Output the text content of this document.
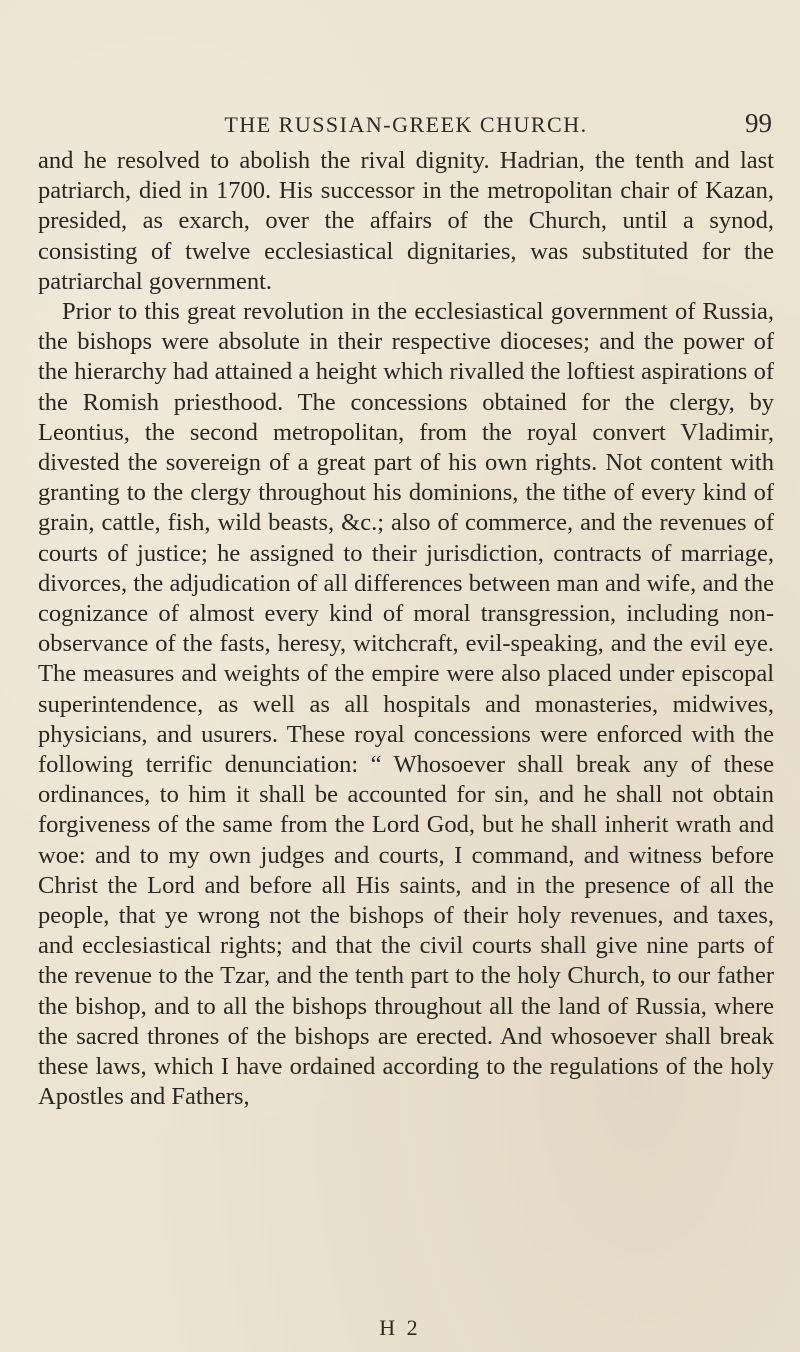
THE RUSSIAN-GREEK CHURCH.	99

and he resolved to abolish the rival dignity. Hadrian, the tenth and last patriarch, died in 1700. His successor in the metropolitan chair of Kazan, presided, as exarch, over the affairs of the Church, until a synod, consisting of twelve ecclesiastical dignitaries, was substituted for the patriarchal government.

Prior to this great revolution in the ecclesiastical government of Russia, the bishops were absolute in their respective dioceses; and the power of the hierarchy had attained a height which rivalled the loftiest aspirations of the Romish priesthood. The concessions obtained for the clergy, by Leontius, the second metropolitan, from the royal convert Vladimir, divested the sovereign of a great part of his own rights. Not content with granting to the clergy throughout his dominions, the tithe of every kind of grain, cattle, fish, wild beasts, &c.; also of commerce, and the revenues of courts of justice; he assigned to their jurisdiction, contracts of marriage, divorces, the adjudication of all differences between man and wife, and the cognizance of almost every kind of moral transgression, including non-observance of the fasts, heresy, witchcraft, evil-speaking, and the evil eye. The measures and weights of the empire were also placed under episcopal superintendence, as well as all hospitals and monasteries, midwives, physicians, and usurers. These royal concessions were enforced with the following terrific denunciation: “ Whosoever shall break any of these ordinances, to him it shall be accounted for sin, and he shall not obtain forgiveness of the same from the Lord God, but he shall inherit wrath and woe: and to my own judges and courts, I command, and witness before Christ the Lord and before all His saints, and in the presence of all the people, that ye wrong not the bishops of their holy revenues, and taxes, and ecclesiastical rights; and that the civil courts shall give nine parts of the revenue to the Tzar, and the tenth part to the holy Church, to our father the bishop, and to all the bishops throughout all the land of Russia, where the sacred thrones of the bishops are erected. And whosoever shall break these laws, which I have ordained according to the regulations of the holy Apostles and Fathers,

H 2
